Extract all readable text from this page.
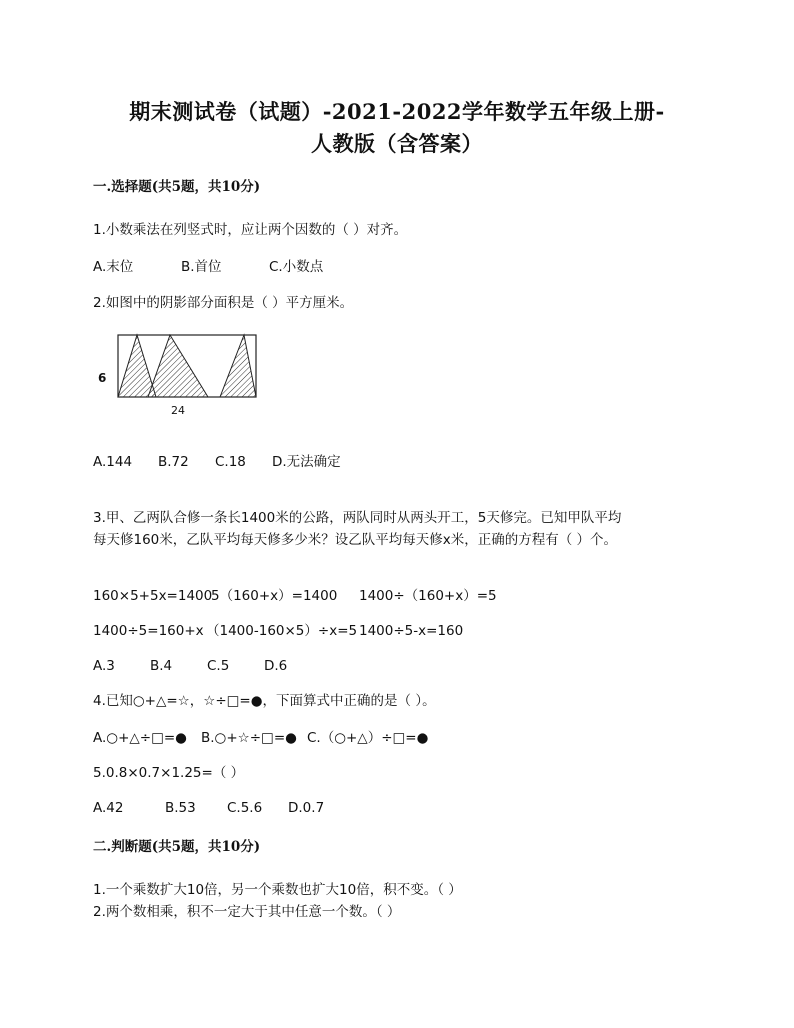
期末测试卷（试题）-2021-2022学年数学五年级上册-
人教版（含答案）
一.选择题(共5题，共10分)
1.小数乘法在列竖式时，应让两个因数的（ ）对齐。
A.末位	B.首位	C.小数点
2.如图中的阴影部分面积是（ ）平方厘米。
6
24
A.144 B.72 C.18 D.无法确定
3.甲、乙两队合修一条长1400米的公路，两队同时从两头开工，5天修完。已知甲队平均
每天修160米，乙队平均每天修多少米？设乙队平均每天修x米，正确的方程有（ ）个。
160×5+5x=14005（160+x）=1400 1400÷（160+x）=5
1400÷5=160+x （1400-160×5）÷x=5 1400÷5-x=160
A.3	B.4	C.5	D.6
4.已知○+△=☆，☆÷□=●，下面算式中正确的是（ ）。
A.○+△÷□=● B.○+☆÷□=● C.（○+△）÷□=●
5.0.8×0.7×1.25=（ ）
A.42	B.53 C.5.6 D.0.7
二.判断题(共5题，共10分)
1.一个乘数扩大10倍，另一个乘数也扩大10倍，积不变。（ ）
2.两个数相乘，积不一定大于其中任意一个数。（ ）
